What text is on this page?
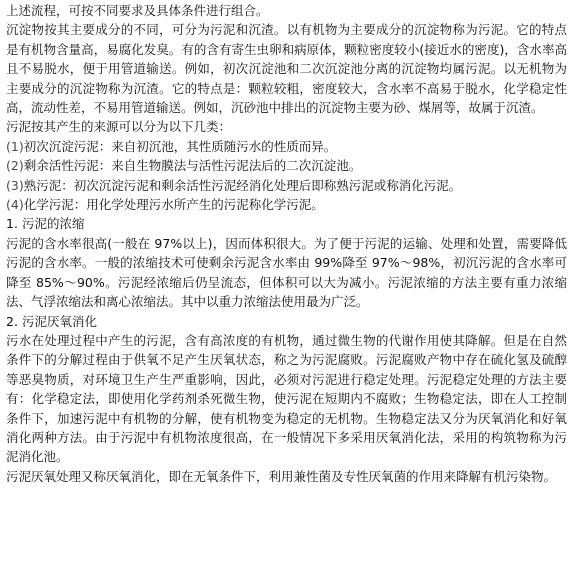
上述流程，可按不同要求及具体条件进行组合。

沉淀物按其主要成分的不同，可分为污泥和沉渣。以有机物为主要成分的沉淀物称为污泥。它的特点是有机物含量高，易腐化发臭。有的含有寄生虫卵和病原体，颗粒密度较小(接近水的密度)，含水率高且不易脱水，便于用管道输送。例如，初次沉淀池和二次沉淀池分离的沉淀物均属污泥。以无机物为主要成分的沉淀物称为沉渣。它的特点是：颗粒较粗，密度较大，含水率不高易于脱水，化学稳定性高，流动性差，不易用管道输送。例如，沉砂池中排出的沉淀物主要为砂、煤屑等，故属于沉渣。

污泥按其产生的来源可以分为以下几类：

(1)初次沉淀污泥：来自初沉池，其性质随污水的性质而异。
(2)剩余活性污泥：来自生物膜法与活性污泥法后的二次沉淀池。
(3)熟污泥：初次沉淀污泥和剩余活性污泥经消化处理后即称熟污泥或称消化污泥。
(4)化学污泥：用化学处理污水所产生的污泥称化学污泥。
1. 污泥的浓缩

污泥的含水率很高(一般在 97%以上)，因而体积很大。为了便于污泥的运输、处理和处置，需要降低污泥的含水率。一般的浓缩技术可使剩余污泥含水率由 99%降至 97%～98%，初沉污泥的含水率可降至 85%～90%。污泥经浓缩后仍呈流态，但体积可以大为减小。污泥浓缩的方法主要有重力浓缩法、气浮浓缩法和离心浓缩法。其中以重力浓缩法使用最为广泛。

2. 污泥厌氧消化

污水在处理过程中产生的污泥，含有高浓度的有机物，通过微生物的代谢作用使其降解。但是在自然条件下的分解过程由于供氧不足产生厌氧状态，称之为污泥腐败。污泥腐败产物中存在硫化氢及硫醇等恶臭物质，对环境卫生产生严重影响，因此，必须对污泥进行稳定处理。污泥稳定处理的方法主要有：化学稳定法，即使用化学药剂杀死微生物，使污泥在短期内不腐败；生物稳定法，即在人工控制条件下，加速污泥中有机物的分解，使有机物变为稳定的无机物。生物稳定法又分为厌氧消化和好氧消化两种方法。由于污泥中有机物浓度很高，在一般情况下多采用厌氧消化法，采用的构筑物称为污泥消化池。

污泥厌氧处理又称厌氧消化，即在无氧条件下，利用兼性菌及专性厌氧菌的作用来降解有机污染物。
